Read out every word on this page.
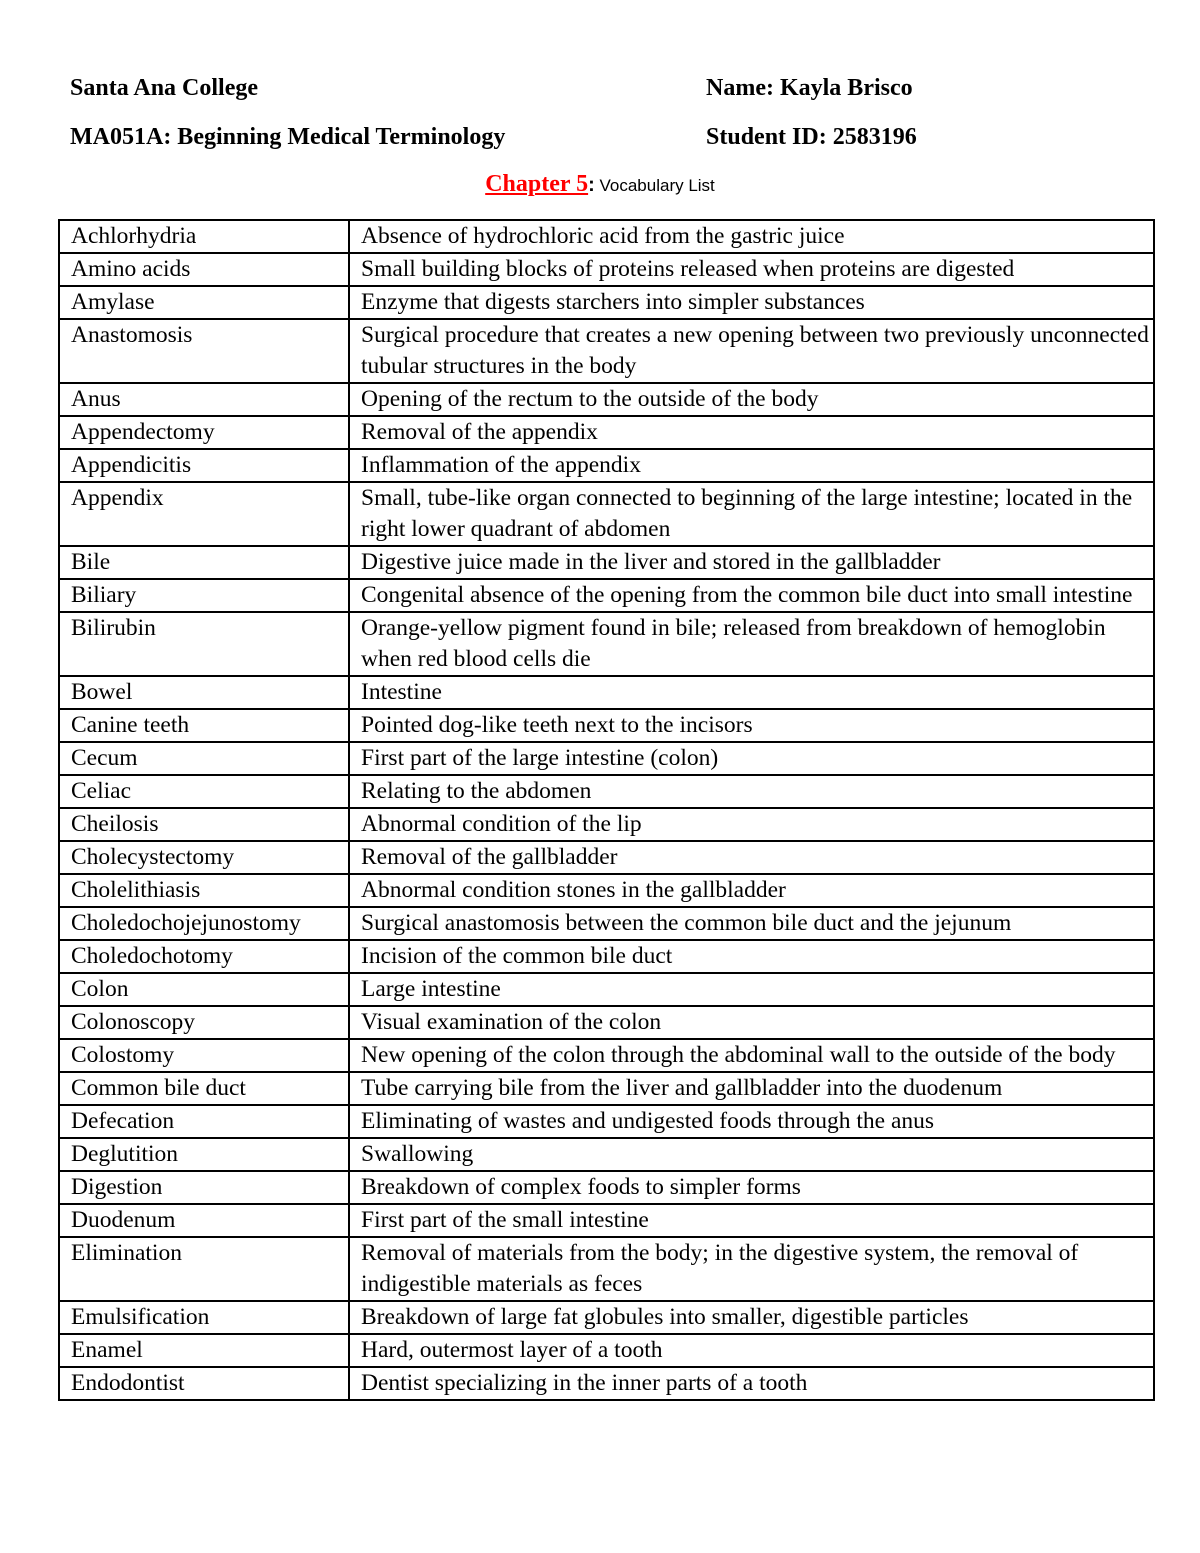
Santa Ana College	Name: Kayla Brisco
MA051A: Beginning Medical Terminology	Student ID: 2583196
Chapter 5: Vocabulary List
Achlorhydria	Absence of hydrochloric acid from the gastric juice
Amino acids	Small building blocks of proteins released when proteins are digested
Amylase	Enzyme that digests starchers into simpler substances
Anastomosis	Surgical procedure that creates a new opening between two previously unconnected tubular structures in the body
Anus	Opening of the rectum to the outside of the body
Appendectomy	Removal of the appendix
Appendicitis	Inflammation of the appendix
Appendix	Small, tube-like organ connected to beginning of the large intestine; located in the right lower quadrant of abdomen
Bile	Digestive juice made in the liver and stored in the gallbladder
Biliary	Congenital absence of the opening from the common bile duct into small intestine
Bilirubin	Orange-yellow pigment found in bile; released from breakdown of hemoglobin when red blood cells die
Bowel	Intestine
Canine teeth	Pointed dog-like teeth next to the incisors
Cecum	First part of the large intestine (colon)
Celiac	Relating to the abdomen
Cheilosis	Abnormal condition of the lip
Cholecystectomy	Removal of the gallbladder
Cholelithiasis	Abnormal condition stones in the gallbladder
Choledochojejunostomy	Surgical anastomosis between the common bile duct and the jejunum
Choledochotomy	Incision of the common bile duct
Colon	Large intestine
Colonoscopy	Visual examination of the colon
Colostomy	New opening of the colon through the abdominal wall to the outside of the body
Common bile duct	Tube carrying bile from the liver and gallbladder into the duodenum
Defecation	Eliminating of wastes and undigested foods through the anus
Deglutition	Swallowing
Digestion	Breakdown of complex foods to simpler forms
Duodenum	First part of the small intestine
Elimination	Removal of materials from the body; in the digestive system, the removal of indigestible materials as feces
Emulsification	Breakdown of large fat globules into smaller, digestible particles
Enamel	Hard, outermost layer of a tooth
Endodontist	Dentist specializing in the inner parts of a tooth
